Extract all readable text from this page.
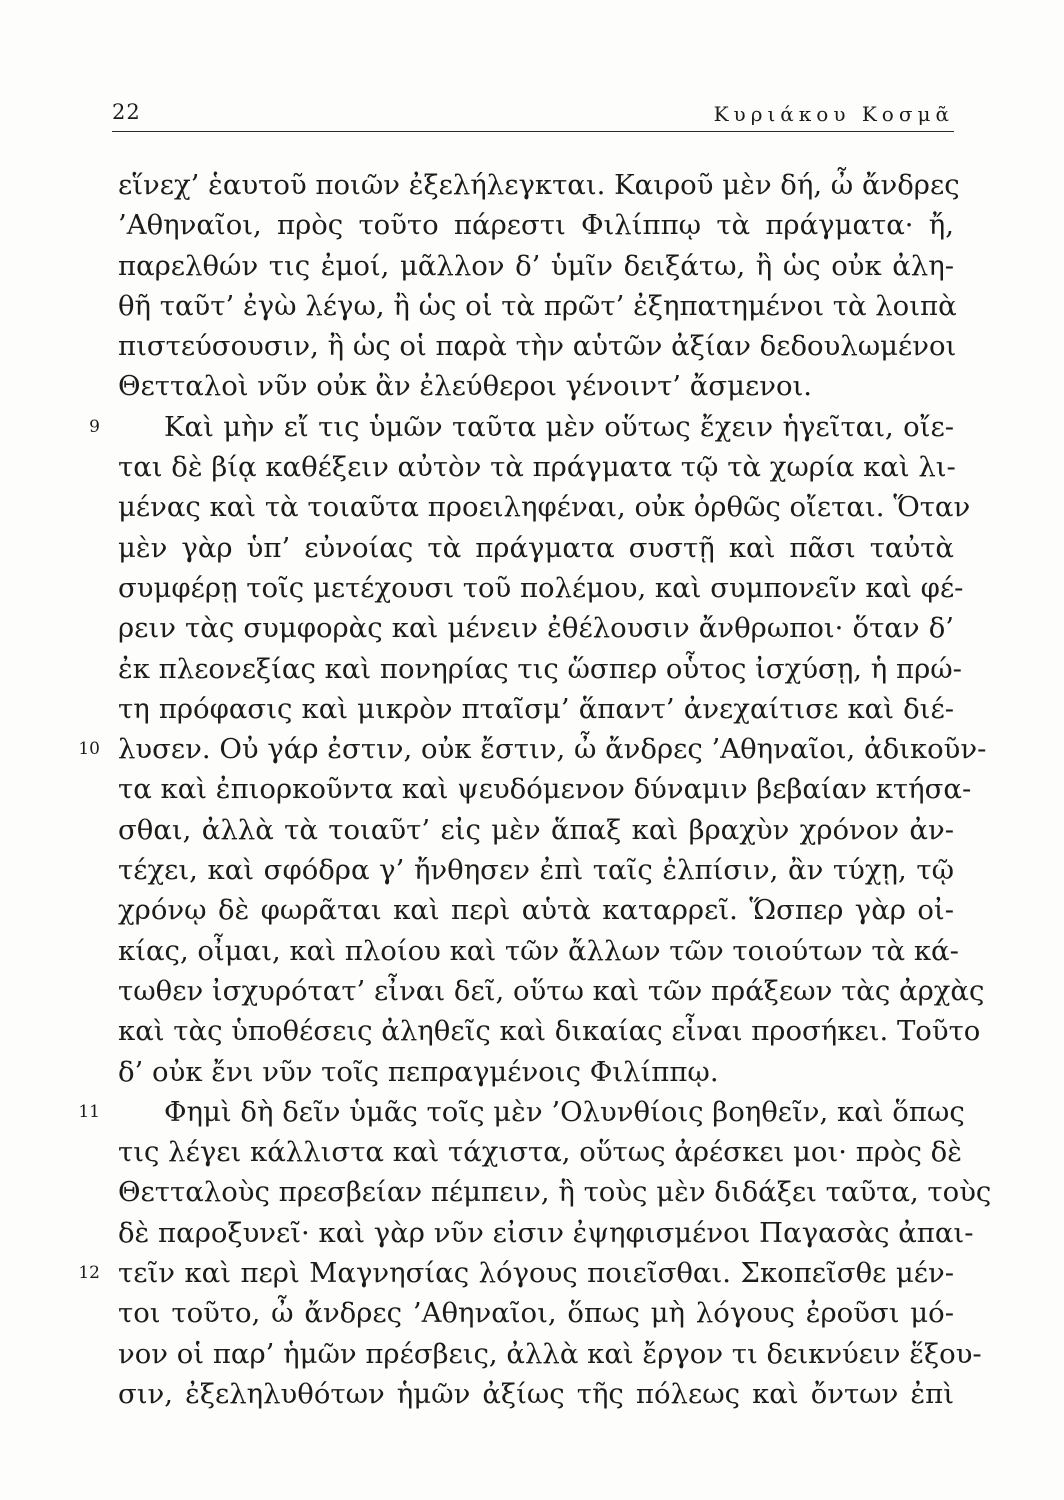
22	Κυριάκου Κοσμᾶ
εἵνεχ’ ἑαυτοῦ ποιῶν ἐξελήλεγκται. Καιροῦ μὲν δή, ὦ ἄνδρες
’Αθηναῖοι, πρὸς τοῦτο πάρεστι Φιλίππῳ τὰ πράγματα· ἤ,
παρελθών τις ἐμοί, μᾶλλον δ’ ὑμῖν δειξάτω, ἢ ὡς οὐκ ἀλη-
θῆ ταῦτ’ ἐγὼ λέγω, ἢ ὡς οἱ τὰ πρῶτ’ ἐξηπατημένοι τὰ λοιπὰ
πιστεύσουσιν, ἢ ὡς οἱ παρὰ τὴν αὑτῶν ἀξίαν δεδουλωμένοι
Θετταλοὶ νῦν οὐκ ἂν ἐλεύθεροι γένοιντ’ ἄσμενοι.
9 Καὶ μὴν εἴ τις ὑμῶν ταῦτα μὲν οὕτως ἔχειν ἡγεῖται, οἴε-
ται δὲ βίᾳ καθέξειν αὐτὸν τὰ πράγματα τῷ τὰ χωρία καὶ λι-
μένας καὶ τὰ τοιαῦτα προειληφέναι, οὐκ ὀρθῶς οἴεται. Ὅταν
μὲν γὰρ ὑπ’ εὐνοίας τὰ πράγματα συστῇ καὶ πᾶσι ταὐτὰ
συμφέρῃ τοῖς μετέχουσι τοῦ πολέμου, καὶ συμπονεῖν καὶ φέ-
ρειν τὰς συμφορὰς καὶ μένειν ἐθέλουσιν ἄνθρωποι· ὅταν δ’
ἐκ πλεονεξίας καὶ πονηρίας τις ὥσπερ οὗτος ἰσχύσῃ, ἡ πρώ-
τη πρόφασις καὶ μικρὸν πταῖσμ’ ἅπαντ’ ἀνεχαίτισε καὶ διέ-
10 λυσεν. Οὐ γάρ ἐστιν, οὐκ ἔστιν, ὦ ἄνδρες ’Αθηναῖοι, ἀδικοῦν-
τα καὶ ἐπιορκοῦντα καὶ ψευδόμενον δύναμιν βεβαίαν κτήσα-
σθαι, ἀλλὰ τὰ τοιαῦτ’ εἰς μὲν ἅπαξ καὶ βραχὺν χρόνον ἀν-
τέχει, καὶ σφόδρα γ’ ἤνθησεν ἐπὶ ταῖς ἐλπίσιν, ἂν τύχῃ, τῷ
χρόνῳ δὲ φωρᾶται καὶ περὶ αὑτὰ καταρρεῖ. Ὥσπερ γὰρ οἰ-
κίας, οἶμαι, καὶ πλοίου καὶ τῶν ἄλλων τῶν τοιούτων τὰ κά-
τωθεν ἰσχυρότατ’ εἶναι δεῖ, οὕτω καὶ τῶν πράξεων τὰς ἀρχὰς
καὶ τὰς ὑποθέσεις ἀληθεῖς καὶ δικαίας εἶναι προσήκει. Τοῦτο
δ’ οὐκ ἔνι νῦν τοῖς πεπραγμένοις Φιλίππῳ.
11 Φημὶ δὴ δεῖν ὑμᾶς τοῖς μὲν ’Ολυνθίοις βοηθεῖν, καὶ ὅπως
τις λέγει κάλλιστα καὶ τάχιστα, οὕτως ἀρέσκει μοι· πρὸς δὲ
Θετταλοὺς πρεσβείαν πέμπειν, ἣ τοὺς μὲν διδάξει ταῦτα, τοὺς
δὲ παροξυνεῖ· καὶ γὰρ νῦν εἰσιν ἐψηφισμένοι Παγασὰς ἀπαι-
12 τεῖν καὶ περὶ Μαγνησίας λόγους ποιεῖσθαι. Σκοπεῖσθε μέν-
τοι τοῦτο, ὦ ἄνδρες ’Αθηναῖοι, ὅπως μὴ λόγους ἐροῦσι μό-
νον οἱ παρ’ ἡμῶν πρέσβεις, ἀλλὰ καὶ ἔργον τι δεικνύειν ἕξου-
σιν, ἐξεληλυθότων ἡμῶν ἀξίως τῆς πόλεως καὶ ὄντων ἐπὶ
